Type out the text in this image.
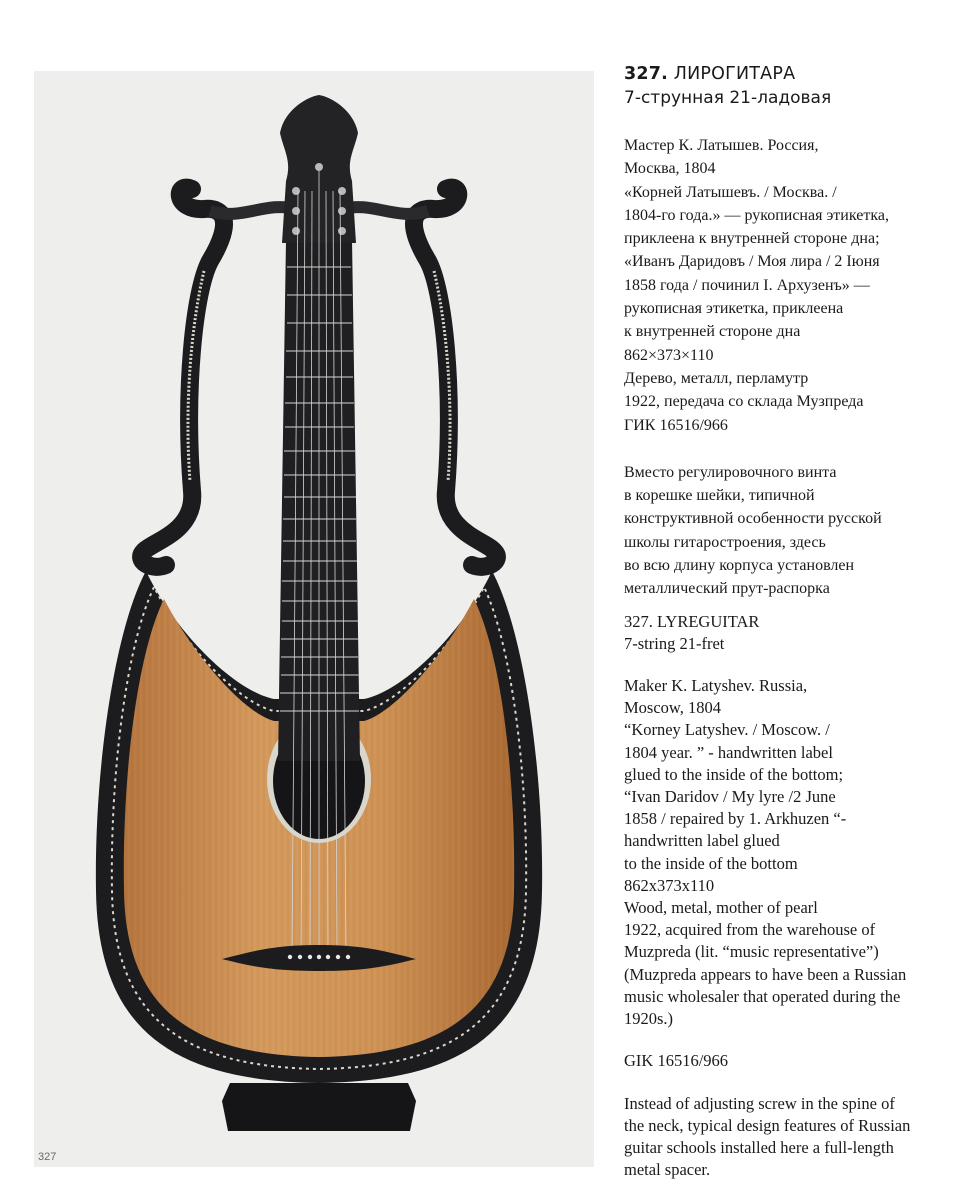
327
327. ЛИРОГИТАРА
7-струнная 21-ладовая
Мастер К. Латышев. Россия,
Москва, 1804
«Корней Латышевъ. / Москва. /
1804-го года.» — рукописная этикетка,
приклеена к внутренней стороне дна;
«Иванъ Даридовъ / Моя лира / 2 Іюня
1858 года / починил І. Архузенъ» —
рукописная этикетка, приклеена
к внутренней стороне дна
862×373×110
Дерево, металл, перламутр
1922, передача со склада Музпреда
ГИК 16516/966
Вместо регулировочного винта
в корешке шейки, типичной
конструктивной особенности русской
школы гитаростроения, здесь
во всю длину корпуса установлен
металлический прут-распорка
327. LYREGUITAR
7-string 21-fret
Maker K. Latyshev. Russia,
Moscow, 1804
“Korney Latyshev. / Moscow. /
1804 year. ” - handwritten label
glued to the inside of the bottom;
“Ivan Daridov / My lyre /2 June
1858 / repaired by 1. Arkhuzen “-
handwritten label glued
to the inside of the bottom
862x373x110
Wood, metal, mother of pearl
1922, acquired from the warehouse of
Muzpreda (lit. “music representative”)
(Muzpreda appears to have been a Russian
music wholesaler that operated during the
1920s.)
GIK 16516/966
Instead of adjusting screw in the spine of
the neck, typical design features of Russian
guitar schools installed here a full-length
metal spacer.
